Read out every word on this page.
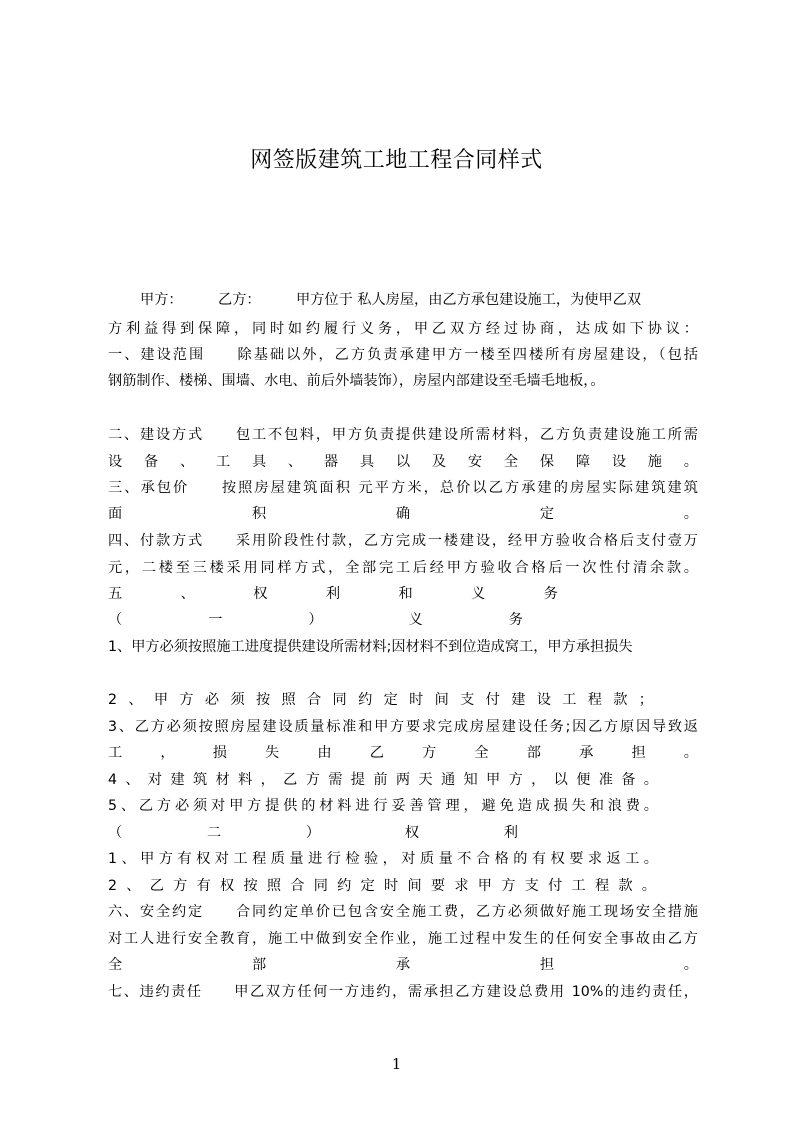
网签版建筑工地工程合同样式
甲方：　　　乙方：　　　甲方位于 私人房屋，由乙方承包建设施工，为使甲乙双
方利益得到保障，同时如约履行义务，甲乙双方经过协商，达成如下协议：
一、建设范围　　除基础以外，乙方负责承建甲方一楼至四楼所有房屋建设，（包括
钢筋制作、楼梯、围墙、水电、前后外墙装饰），房屋内部建设至毛墙毛地板，。
二、建设方式　　包工不包料，甲方负责提供建设所需材料，乙方负责建设施工所需
设备、工具、器具以及安全保障设施。
三、承包价　　按照房屋建筑面积 元平方米，总价以乙方承建的房屋实际建筑建筑
面积确定。
四、付款方式　　采用阶段性付款，乙方完成一楼建设，经甲方验收合格后支付壹万
元，二楼至三楼采用同样方式，全部完工后经甲方验收合格后一次性付清余款。
五、权利和义务
（一）义务
1、甲方必须按照施工进度提供建设所需材料;因材料不到位造成窝工，甲方承担损失
2、甲方必须按照合同约定时间支付建设工程款；
3、乙方必须按照房屋建设质量标准和甲方要求完成房屋建设任务;因乙方原因导致返
工，损失由乙方全部承担。
4、对建筑材料，乙方需提前两天通知甲方，以便准备。
5、乙方必须对甲方提供的材料进行妥善管理，避免造成损失和浪费。
（二）权利
1、甲方有权对工程质量进行检验，对质量不合格的有权要求返工。
2、乙方有权按照合同约定时间要求甲方支付工程款。
六、安全约定　　合同约定单价已包含安全施工费，乙方必须做好施工现场安全措施
对工人进行安全教育，施工中做到安全作业，施工过程中发生的任何安全事故由乙方
全部承担。
七、违约责任　　甲乙双方任何一方违约，需承担乙方建设总费用 10%的违约责任，
1
